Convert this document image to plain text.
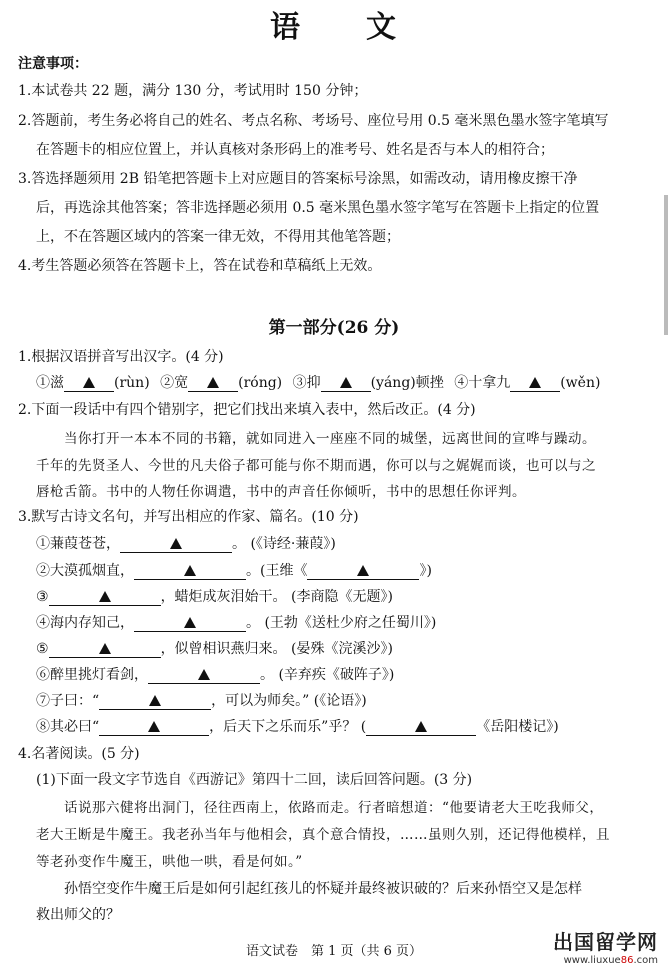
语　　文
注意事项：
1.本试卷共 22 题，满分 130 分，考试用时 150 分钟；
2.答题前，考生务必将自己的姓名、考点名称、考场号、座位号用 0.5 毫米黑色墨水签字笔填写
在答题卡的相应位置上，并认真核对条形码上的准考号、姓名是否与本人的相符合；
3.答选择题须用 2B 铅笔把答题卡上对应题目的答案标号涂黑，如需改动，请用橡皮擦干净
后，再选涂其他答案；答非选择题必须用 0.5 毫米黑色墨水签字笔写在答题卡上指定的位置
上，不在答题区域内的答案一律无效，不得用其他笔答题；
4.考生答题必须答在答题卡上，答在试卷和草稿纸上无效。
第一部分(26 分)
1.根据汉语拼音写出汉字。(4 分)
①滋	(rùn) ②宽	(róng) ③抑	(yáng)顿挫 ④十拿九	(wěn)
2.下面一段话中有四个错别字，把它们找出来填入表中，然后改正。(4 分)
当你打开一本本不同的书籍，就如同进入一座座不同的城堡，远离世间的宣哗与躁动。
千年的先贤圣人、今世的凡夫俗子都可能与你不期而遇，你可以与之娓娓而谈，也可以与之
唇枪舌箭。书中的人物任你调遣，书中的声音任你倾听，书中的思想任你评判。
3.默写古诗文名句，并写出相应的作家、篇名。(10 分)
①蒹葭苍苍，	。 (《诗经·蒹葭》)
②大漠孤烟直，	。(王维《	》)
③	，蜡炬成灰泪始干。 (李商隐《无题》)
④海内存知己，	。 (王勃《送杜少府之任蜀川》)
⑤	，似曾相识燕归来。 (晏殊《浣溪沙》)
⑥醉里挑灯看剑，	。 (辛弃疾《破阵子》)
⑦子曰：“	，可以为师矣。” (《论语》)
⑧其必曰“	，后天下之乐而乐”乎？ (	《岳阳楼记》)
4.名著阅读。(5 分)
(1)下面一段文字节选自《西游记》第四十二回，读后回答问题。(3 分)
话说那六健将出洞门，径往西南上，依路而走。行者暗想道：“他要请老大王吃我师父，
老大王断是牛魔王。我老孙当年与他相会，真个意合情投，……虽则久别，还记得他模样，且
等老孙变作牛魔王，哄他一哄，看是何如。”
孙悟空变作牛魔王后是如何引起红孩儿的怀疑并最终被识破的？后来孙悟空又是怎样
救出师父的？
语文试卷　第 1 页（共 6 页）	出国留学网
www.liuxue86.com
